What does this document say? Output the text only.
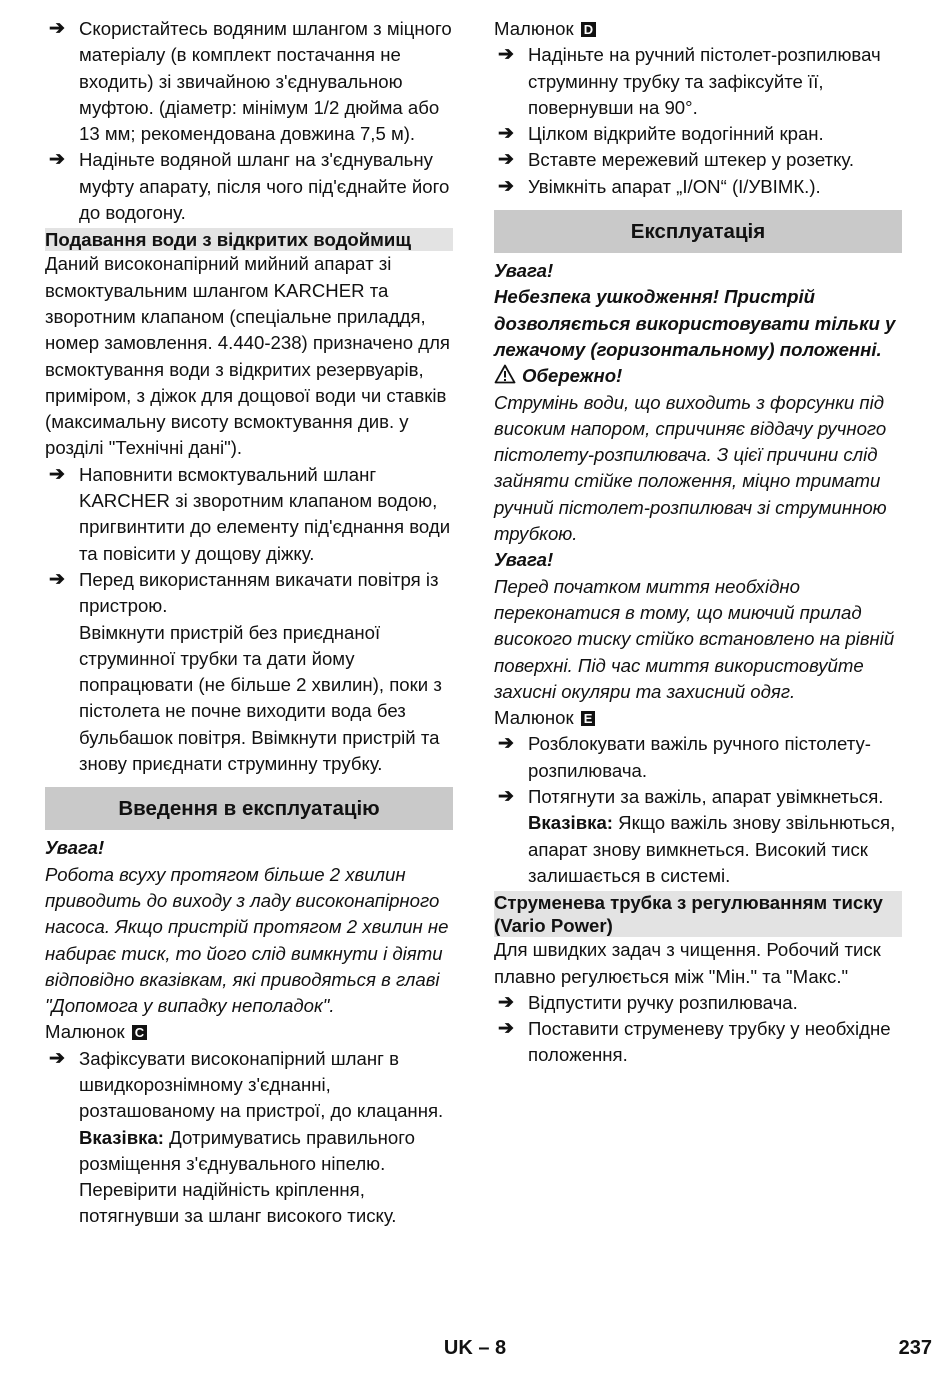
➔ Скористайтесь водяним шлангом з міцного матеріалу (в комплект постачання не входить) зі звичайною з'єднувальною муфтою. (діаметр: мінімум 1/2 дюйма або 13 мм; рекомендована довжина 7,5 м).
➔ Надіньте водяной шланг на з'єднувальну муфту апарату, після чого під'єднайте його до водогону.
Подавання води з відкритих водоймищ
Даний високонапірний мийний апарат зі всмоктувальним шлангом KARCHER та зворотним клапаном (спеціальне приладдя, номер замовлення. 4.440-238) призначено для всмоктування води з відкритих резервуарів, приміром, з діжок для дощової води чи ставків (максимальну висоту всмоктування див. у розділі "Технічні дані").
➔ Наповнити всмоктувальний шланг KARCHER зі зворотним клапаном водою, пригвинтити до елементу під'єднання води та повісити у дощову діжку.
➔ Перед використанням викачати повітря із пристрою.
Ввімкнути пристрій без приєднаної струминної трубки та дати йому попрацювати (не більше 2 хвилин), поки з пістолета не почне виходити вода без бульбашок повітря. Ввімкнути пристрій та знову приєднати струминну трубку.
Введення в експлуатацію
Увага!
Робота всуху протягом більше 2 хвилин приводить до виходу з ладу високонапірного насоса. Якщо пристрій протягом 2 хвилин не набирає тиск, то його слід вимкнути і діяти відповідно вказівкам, які приводяться в главі "Допомога у випадку неполадок".
Малюнок C
➔ Зафіксувати високонапірний шланг в швидкорознімному з'єднанні, розташованому на пристрої, до клацання.
Вказівка: Дотримуватись правильного розміщення з'єднувального ніпелю. Перевірити надійність кріплення, потягнувши за шланг високого тиску.
Малюнок D
➔ Надіньте на ручний пістолет-розпилювач струминну трубку та зафіксуйте її, повернувши на 90°.
➔ Цілком відкрийте водогінний кран.
➔ Вставте мережевий штекер у розетку.
➔ Увімкніть апарат „I/ON“ (I/УВІМК.).
Експлуатація
Увага!
Небезпека ушкодження! Пристрій дозволяється використовувати тільки у лежачому (горизонтальному) положенні.
Обережно!
Струмінь води, що виходить з форсунки під високим напором, спричиняє віддачу ручного пістолету-розпилювача. З цієї причини слід зайняти стійке положення, міцно тримати ручний пістолет-розпилювач зі струминною трубкою.
Увага!
Перед початком миття необхідно переконатися в тому, що миючий прилад високого тиску стійко встановлено на рівній поверхні. Під час миття використовуйте захисні окуляри та захисний одяг.
Малюнок E
➔ Розблокувати важіль ручного пістолету-розпилювача.
➔ Потягнути за важіль, апарат увімкнеться.
Вказівка: Якщо важіль знову звільнються, апарат знову вимкнеться. Високий тиск залишається в системі.
Струменева трубка з регулюванням тиску (Vario Power)
Для швидких задач з чищення. Робочий тиск плавно регулюється між "Мін." та "Макс."
➔ Відпустити ручку розпилювача.
➔ Поставити струменеву трубку у необхідне положення.
UK – 8	237
